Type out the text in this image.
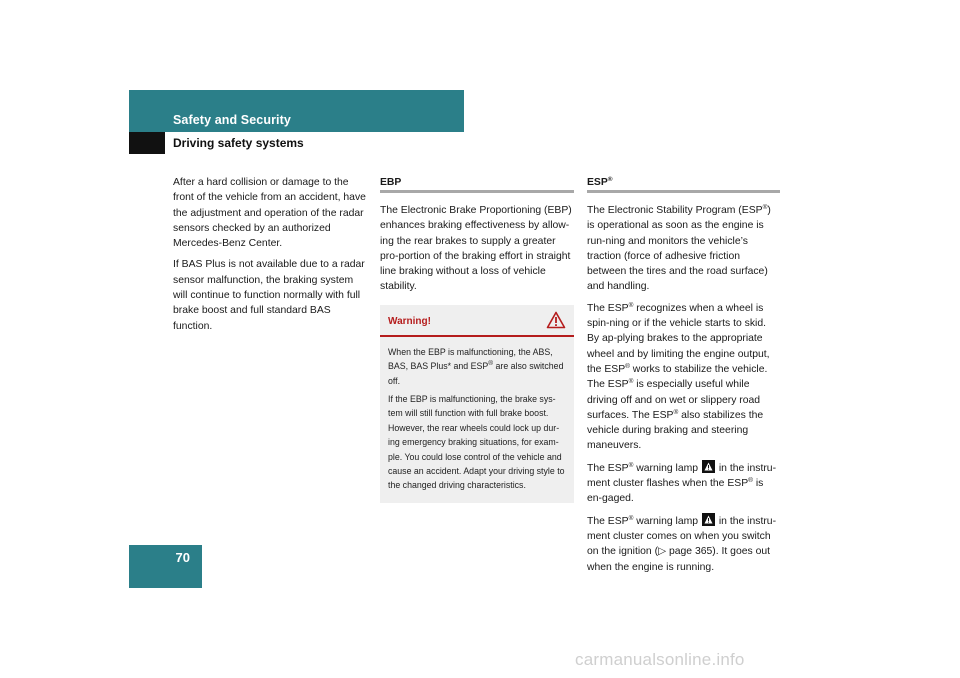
Safety and Security
Driving safety systems

After a hard collision or damage to the front of the vehicle from an accident, have the adjustment and operation of the radar sensors checked by an authorized Mercedes-Benz Center.

If BAS Plus is not available due to a radar sensor malfunction, the braking system will continue to function normally with full brake boost and full standard BAS function.

EBP

The Electronic Brake Proportioning (EBP) enhances braking effectiveness by allow-ing the rear brakes to supply a greater pro-portion of the braking effort in straight line braking without a loss of vehicle stability.

Warning!

When the EBP is malfunctioning, the ABS, BAS, BAS Plus* and ESP® are also switched off.

If the EBP is malfunctioning, the brake sys-tem will still function with full brake boost. However, the rear wheels could lock up dur-ing emergency braking situations, for exam-ple. You could lose control of the vehicle and cause an accident. Adapt your driving style to the changed driving characteristics.

ESP®

The Electronic Stability Program (ESP®) is operational as soon as the engine is run-ning and monitors the vehicle’s traction (force of adhesive friction between the tires and the road surface) and handling.

The ESP® recognizes when a wheel is spin-ning or if the vehicle starts to skid. By ap-plying brakes to the appropriate wheel and by limiting the engine output, the ESP® works to stabilize the vehicle. The ESP® is especially useful while driving off and on wet or slippery road surfaces. The ESP® also stabilizes the vehicle during braking and steering maneuvers.

The ESP® warning lamp
in the instru-ment cluster flashes when the ESP® is en-gaged.

The ESP® warning lamp
in the instru-ment cluster comes on when you switch on the ignition (▷ page 365). It goes out when the engine is running.

70
carmanualsonline.info
